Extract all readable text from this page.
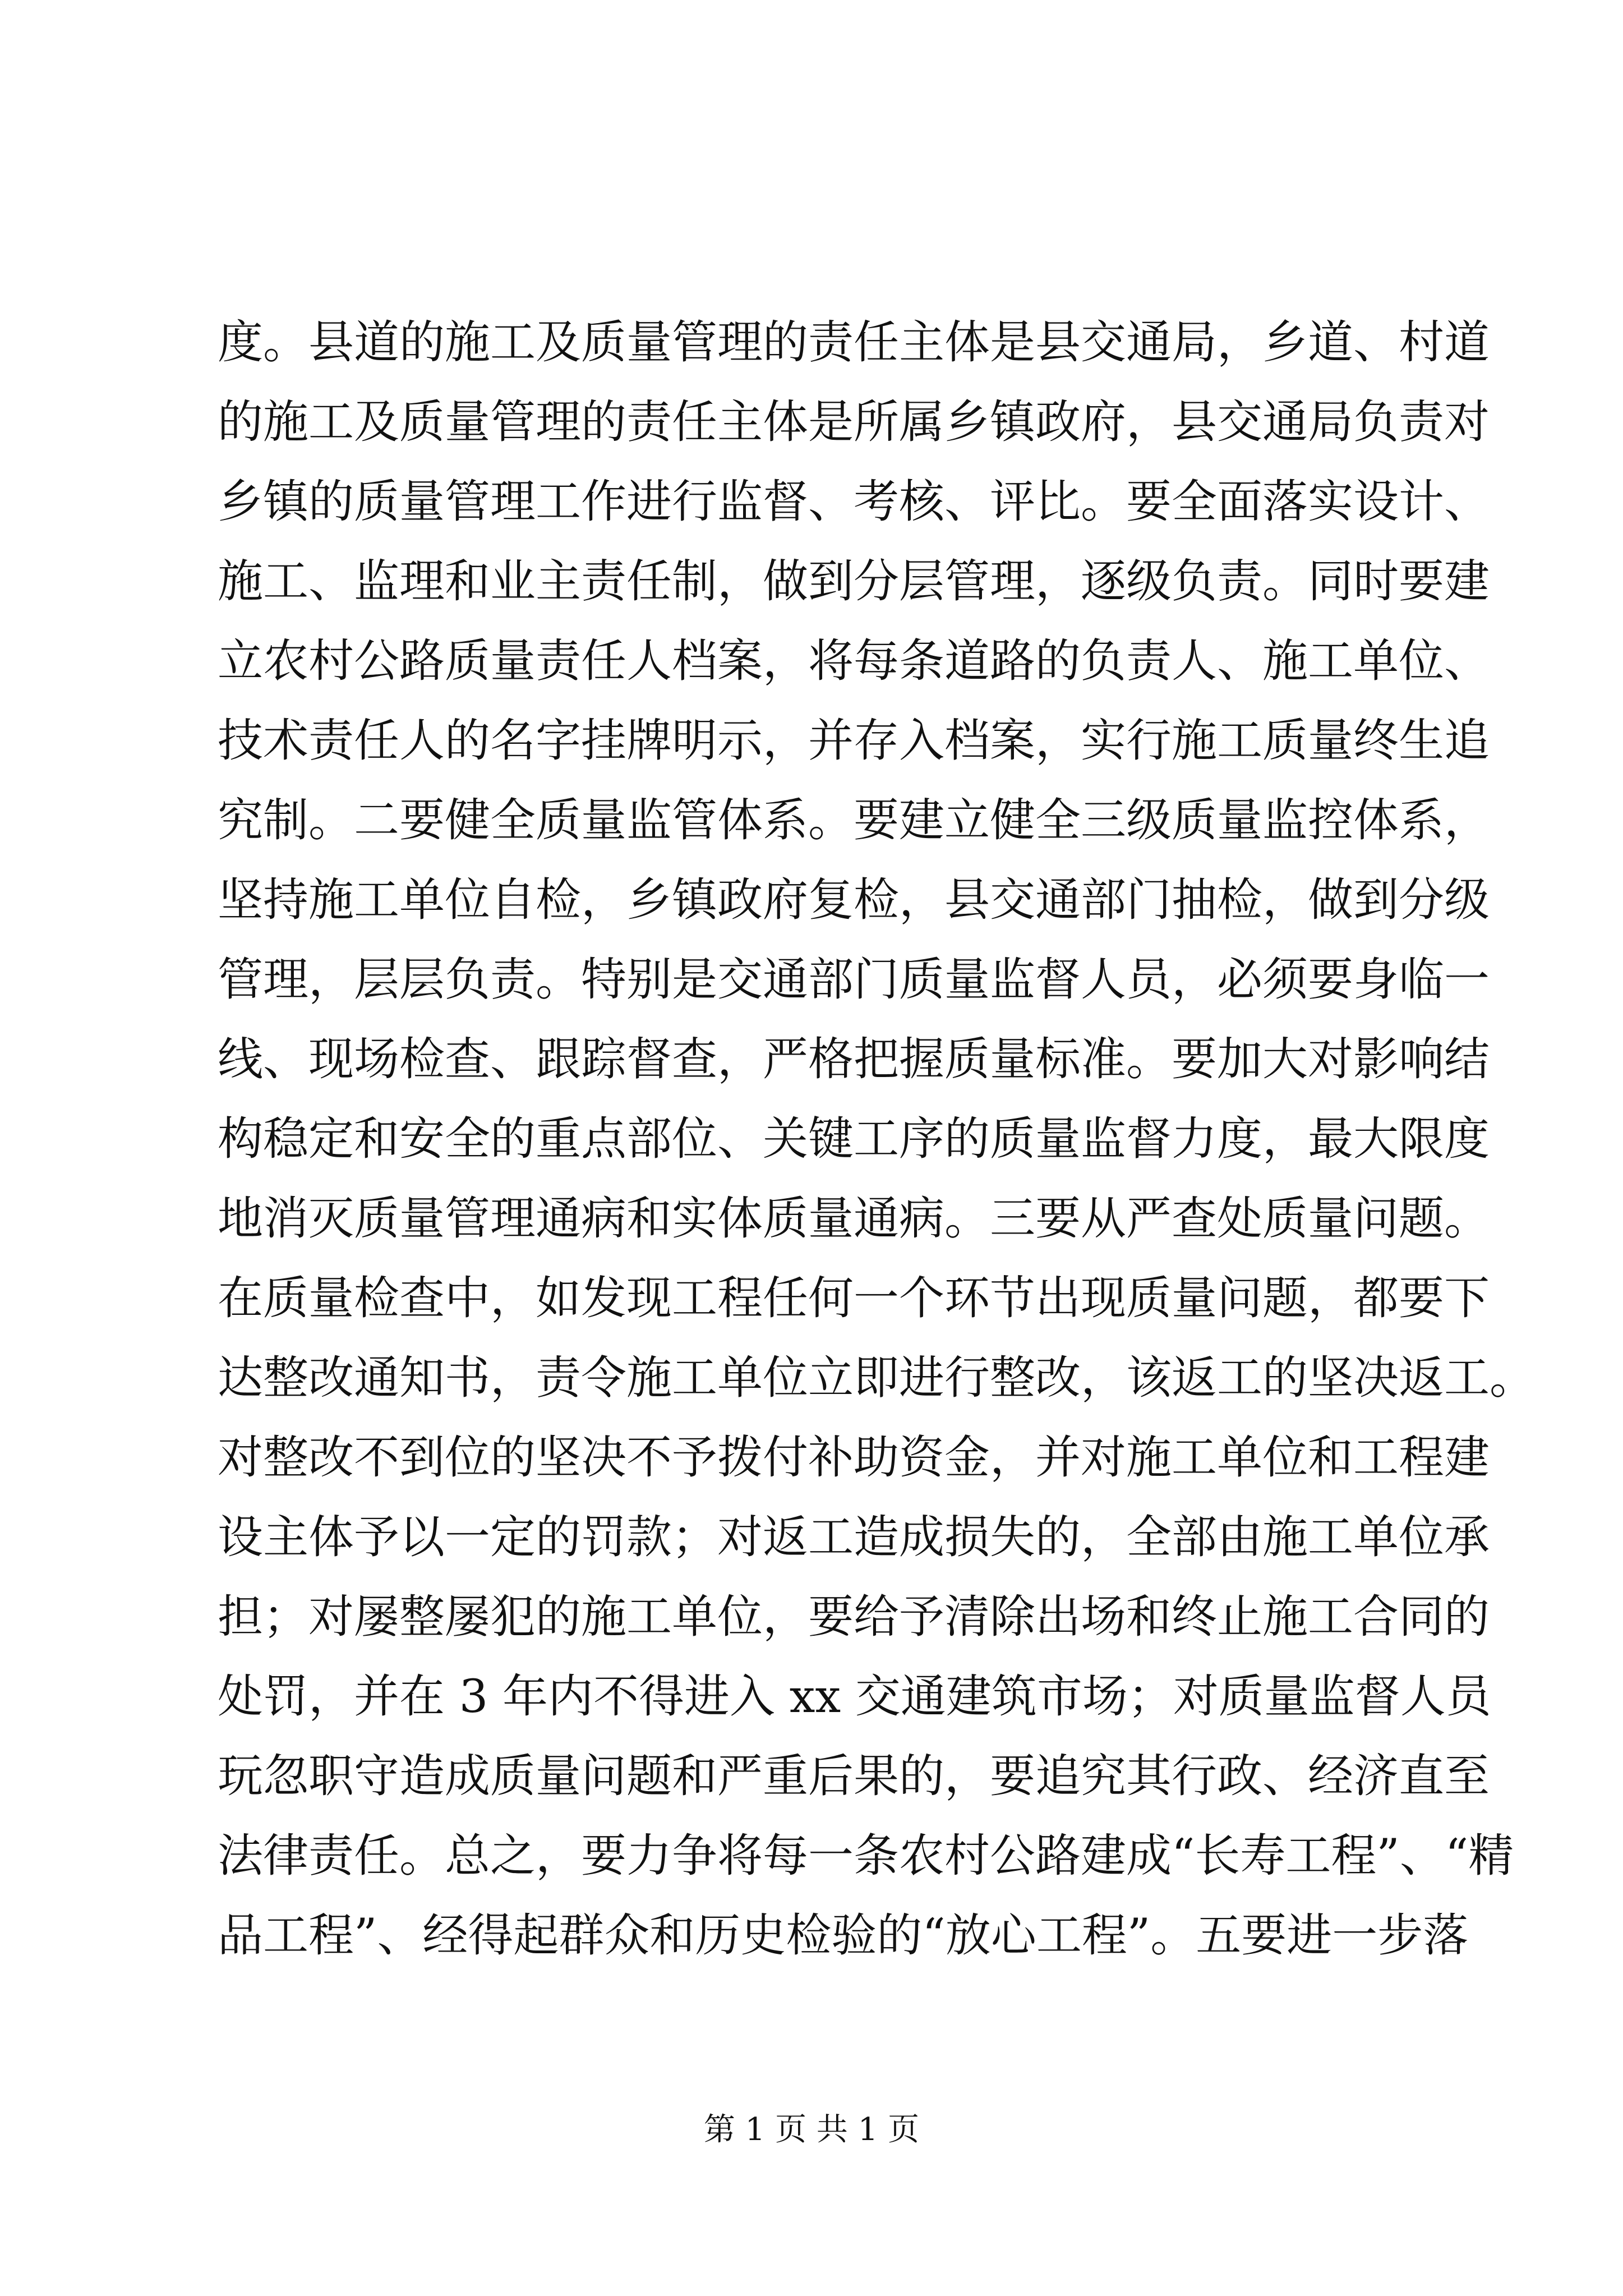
度。县道的施工及质量管理的责任主体是县交通局，乡道、村道
的施工及质量管理的责任主体是所属乡镇政府，县交通局负责对
乡镇的质量管理工作进行监督、考核、评比。要全面落实设计、
施工、监理和业主责任制，做到分层管理，逐级负责。同时要建
立农村公路质量责任人档案，将每条道路的负责人、施工单位、
技术责任人的名字挂牌明示，并存入档案，实行施工质量终生追
究制。二要健全质量监管体系。要建立健全三级质量监控体系，
坚持施工单位自检，乡镇政府复检，县交通部门抽检，做到分级
管理，层层负责。特别是交通部门质量监督人员，必须要身临一
线、现场检查、跟踪督查，严格把握质量标准。要加大对影响结
构稳定和安全的重点部位、关键工序的质量监督力度，最大限度
地消灭质量管理通病和实体质量通病。三要从严查处质量问题。
在质量检查中，如发现工程任何一个环节出现质量问题，都要下
达整改通知书，责令施工单位立即进行整改，该返工的坚决返工。
对整改不到位的坚决不予拨付补助资金，并对施工单位和工程建
设主体予以一定的罚款；对返工造成损失的，全部由施工单位承
担；对屡整屡犯的施工单位，要给予清除出场和终止施工合同的
处罚，并在 3 年内不得进入 xx 交通建筑市场；对质量监督人员
玩忽职守造成质量问题和严重后果的，要追究其行政、经济直至
法律责任。总之，要力争将每一条农村公路建成“长寿工程”、“精
品工程”、经得起群众和历史检验的“放心工程”。五要进一步落
第 1 页 共 1 页
